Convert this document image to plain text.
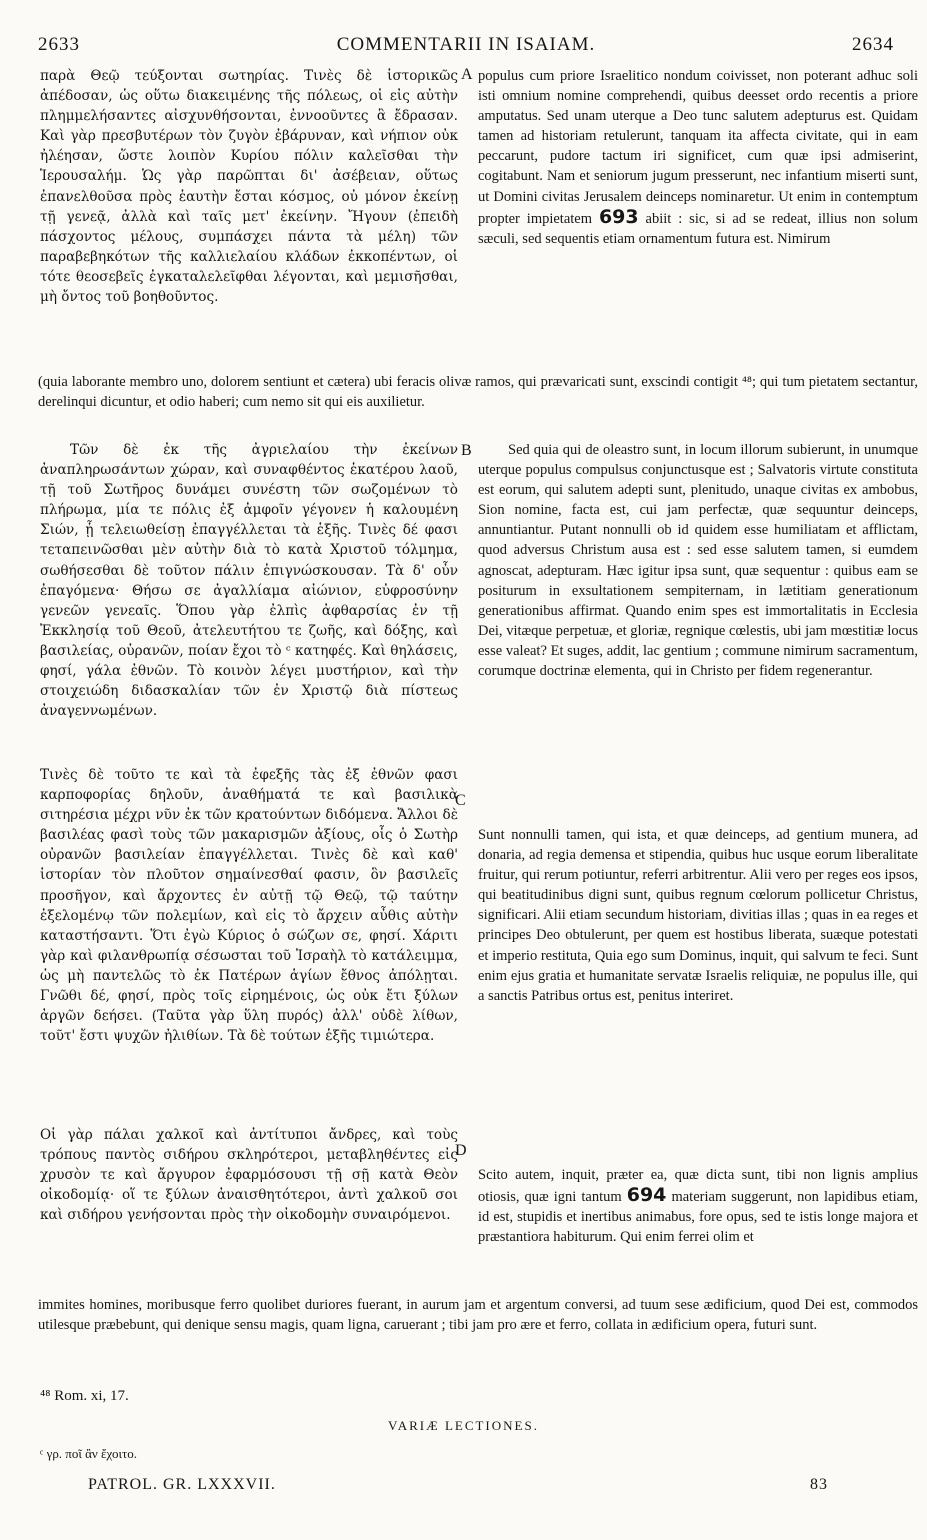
2633	COMMENTARII IN ISAIAM.	2634

παρὰ Θεῷ τεύξονται σωτηρίας. Τινὲς δὲ ἱστορικῶς ἀπέδοσαν, ὡς οὕτω διακειμένης τῆς πόλεως, οἱ εἰς αὐτὴν πλημμελήσαντες αἰσχυνθήσονται, ἐννοοῦντες ἃ ἔδρασαν. Καὶ γὰρ πρεσβυτέρων τὸν ζυγὸν ἐβάρυναν, καὶ νήπιον οὐκ ἠλέησαν, ὥστε λοιπὸν Κυρίου πόλιν καλεῖσθαι τὴν Ἱερουσαλήμ. Ὡς γὰρ παρῶπται δι' ἀσέβειαν, οὕτως ἐπανελθοῦσα πρὸς ἑαυτὴν ἔσται κόσμος, οὐ μόνον ἐκείνῃ τῇ γενεᾷ, ἀλλὰ καὶ ταῖς μετ' ἐκείνην. Ἤγουν (ἐπειδὴ πάσχοντος μέλους, συμπάσχει πάντα τὰ μέλη) τῶν παραβεβηκότων τῆς καλλιελαίου κλάδων ἐκκοπέντων, οἱ τότε θεοσεβεῖς ἐγκαταλελεῖφθαι λέγονται, καὶ μεμισῆσθαι, μὴ ὄντος τοῦ βοηθοῦντος.

A populus cum priore Israelitico nondum coivisset, non poterant adhuc soli isti omnium nomine comprehendi, quibus deesset ordo recentis a priore amputatus. Sed unam uterque a Deo tunc salutem adepturus est. Quidam tamen ad historiam retulerunt, tanquam ita affecta civitate, qui in eam peccarunt, pudore tactum iri significet, cum quæ ipsi admiserint, cogitabunt. Nam et seniorum jugum presserunt, nec infantium miserti sunt, ut Domini civitas Jerusalem deinceps nominaretur. Ut enim in contemptum propter impietatem 693 abiit : sic, si ad se redeat, illius non solum sæculi, sed sequentis etiam ornamentum futura est. Nimirum

(quia laborante membro uno, dolorem sentiunt et cætera) ubi feracis olivæ ramos, qui prævaricati sunt, exscindi contigit ⁴⁸; qui tum pietatem sectantur, derelinqui dicuntur, et odio haberi; cum nemo sit qui eis auxilietur.

Τῶν δὲ ἐκ τῆς ἀγριελαίου τὴν ἐκείνων ἀναπληρωσάντων χώραν, καὶ συναφθέντος ἑκατέρου λαοῦ, τῇ τοῦ Σωτῆρος δυνάμει συνέστη τῶν σωζομένων τὸ πλήρωμα, μία τε πόλις ἐξ ἀμφοῖν γέγονεν ἡ καλουμένη Σιών, ᾗ τελειωθείσῃ ἐπαγγέλλεται τὰ ἑξῆς. Τινὲς δέ φασι τεταπεινῶσθαι μὲν αὐτὴν διὰ τὸ κατὰ Χριστοῦ τόλμημα, σωθήσεσθαι δὲ τοῦτον πάλιν ἐπιγνώσκουσαν. Τὰ δ' οὖν ἐπαγόμενα· Θήσω σε ἀγαλλίαμα αἰώνιον, εὐφροσύνην γενεῶν γενεαῖς. Ὅπου γὰρ ἐλπὶς ἀφθαρσίας ἐν τῇ Ἐκκλησίᾳ τοῦ Θεοῦ, ἀτελευτήτου τε ζωῆς, καὶ δόξης, καὶ βασιλείας, οὐρανῶν, ποίαν ἔχοι τὸ ᶜ κατηφές. Καὶ θηλάσεις, φησί, γάλα ἐθνῶν. Τὸ κοινὸν λέγει μυστήριον, καὶ τὴν στοιχειώδη διδασκαλίαν τῶν ἐν Χριστῷ διὰ πίστεως ἀναγεννωμένων.

B	Sed quia qui de oleastro sunt, in locum illorum subierunt, in unumque uterque populus compulsus conjunctusque est ; Salvatoris virtute constituta est eorum, qui salutem adepti sunt, plenitudo, unaque civitas ex ambobus, Sion nomine, facta est, cui jam perfectæ, quæ sequuntur deinceps, annuntiantur. Putant nonnulli ob id quidem esse humiliatam et afflictam, quod adversus Christum ausa est : sed esse salutem tamen, si eumdem agnoscat, adepturam. Hæc igitur ipsa sunt, quæ sequentur : quibus eam se positurum in exsultationem sempiternam, in lætitiam generationum generationibus affirmat. Quando enim spes est immortalitatis in Ecclesia Dei, vitæque perpetuæ, et gloriæ, regnique cœlestis, ubi jam mœstitiæ locus esse valeat? Et suges, addit, lac gentium ; commune nimirum sacramentum, corumque doctrinæ elementa, qui in Christo per fidem regenerantur.

C

Τινὲς δὲ τοῦτο τε καὶ τὰ ἐφεξῆς τὰς ἐξ ἐθνῶν φασι καρποφορίας δηλοῦν, ἀναθήματά τε καὶ βασιλικὰ σιτηρέσια μέχρι νῦν ἐκ τῶν κρατούντων διδόμενα. Ἄλλοι δὲ βασιλέας φασὶ τοὺς τῶν μακαρισμῶν ἀξίους, οἷς ὁ Σωτὴρ οὐρανῶν βασιλείαν ἐπαγγέλλεται. Τινὲς δὲ καὶ καθ' ἱστορίαν τὸν πλοῦτον σημαίνεσθαί φασιν, ὃν βασιλεῖς προσῆγον, καὶ ἄρχοντες ἐν αὐτῇ τῷ Θεῷ, τῷ ταύτην ἐξελομένῳ τῶν πολεμίων, καὶ εἰς τὸ ἄρχειν αὖθις αὐτὴν καταστήσαντι. Ὅτι ἐγὼ Κύριος ὁ σώζων σε, φησί. Χάριτι γὰρ καὶ φιλανθρωπίᾳ σέσωσται τοῦ Ἰσραὴλ τὸ κατάλειμμα, ὡς μὴ παντελῶς τὸ ἐκ Πατέρων ἁγίων ἔθνος ἀπόλῃται. Γνῶθι δέ, φησί, πρὸς τοῖς εἰρημένοις, ὡς οὐκ ἔτι ξύλων ἀργῶν δεήσει. (Ταῦτα γὰρ ὕλη πυρός) ἀλλ' οὐδὲ λίθων, τοῦτ' ἔστι ψυχῶν ἠλιθίων. Τὰ δὲ τούτων ἑξῆς τιμιώτερα.

Sunt nonnulli tamen, qui ista, et quæ deinceps, ad gentium munera, ad donaria, ad regia demensa et stipendia, quibus huc usque eorum liberalitate fruitur, qui rerum potiuntur, referri arbitrentur. Alii vero per reges eos ipsos, qui beatitudinibus digni sunt, quibus regnum cœlorum pollicetur Christus, significari. Alii etiam secundum historiam, divitias illas ; quas in ea reges et principes Deo obtulerunt, per quem est hostibus liberata, suæque potestati et imperio restituta, Quia ego sum Dominus, inquit, qui salvum te feci. Sunt enim ejus gratia et humanitate servatæ Israelis reliquiæ, ne populus ille, qui a sanctis Patribus ortus est, penitus interiret.

D

Οἱ γὰρ πάλαι χαλκοῖ καὶ ἀντίτυποι ἄνδρες, καὶ τοὺς τρόπους παντὸς σιδήρου σκληρότεροι, μεταβληθέντες εἰς χρυσὸν τε καὶ ἄργυρον ἐφαρμόσουσι τῇ σῇ κατὰ Θεὸν οἰκοδομίᾳ· οἵ τε ξύλων ἀναισθητότεροι, ἀντὶ χαλκοῦ σοι καὶ σιδήρου γενήσονται πρὸς τὴν οἰκοδομὴν συναιρόμενοι.

Scito autem, inquit, præter ea, quæ dicta sunt, tibi non lignis amplius otiosis, quæ igni tantum 694 materiam suggerunt, non lapidibus etiam, id est, stupidis et inertibus animabus, fore opus, sed te istis longe majora et præstantiora habiturum. Qui enim ferrei olim et

immites homines, moribusque ferro quolibet duriores fuerant, in aurum jam et argentum conversi, ad tuum sese ædificium, quod Dei est, commodos utilesque præbebunt, qui denique sensu magis, quam ligna, caruerant ; tibi jam pro ære et ferro, collata in ædificium opera, futuri sunt.

⁴⁸ Rom. xi, 17.
VARIÆ LECTIONES.
ᶜ γρ. ποῖ ἂν ἔχοιτο.
PATROL. GR. LXXXVII.	83
